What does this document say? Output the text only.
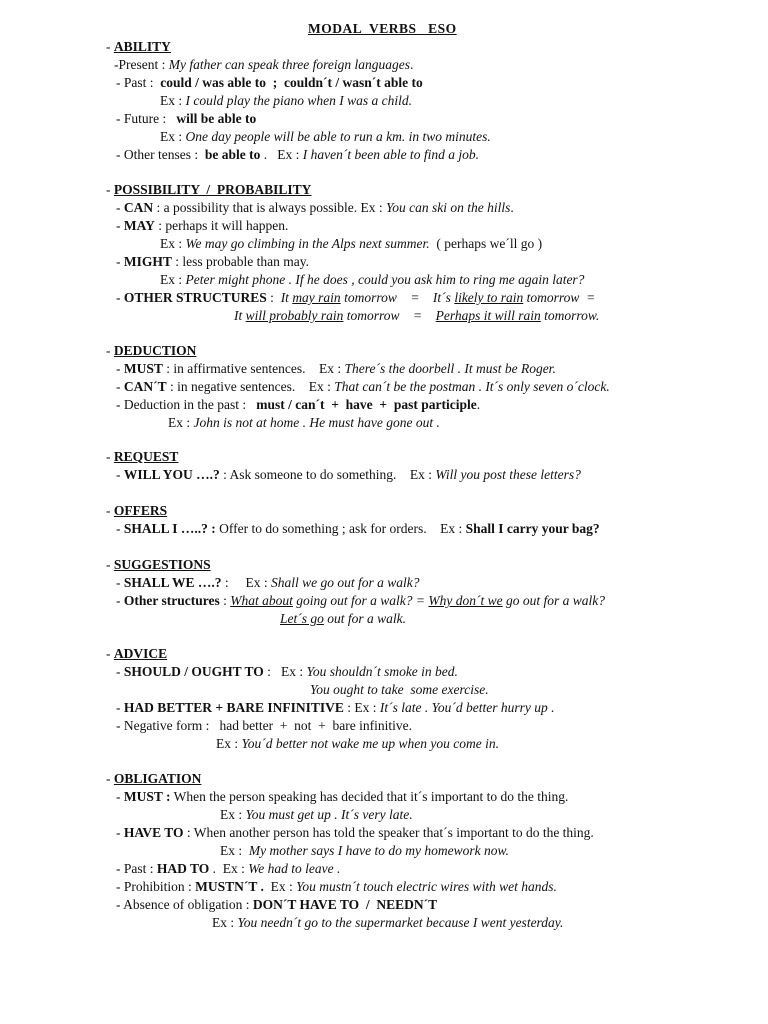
MODAL  VERBS   ESO
- ABILITY
-Present : My father can speak three foreign languages.
- Past :  could / was able to  ;  couldn´t / wasn´t able to
Ex : I could play the piano when I was a child.
- Future :   will be able to
Ex : One day people will be able to run a km. in two minutes.
- Other tenses :  be able to .   Ex : I haven´t been able to find a job.
- POSSIBILITY  /  PROBABILITY
- CAN : a possibility that is always possible. Ex : You can ski on the hills.
- MAY : perhaps it will happen.
Ex : We may go climbing in the Alps next summer.  ( perhaps we´ll go )
- MIGHT : less probable than may.
Ex : Peter might phone . If he does , could you ask him to ring me again later?
- OTHER STRUCTURES :  It may rain tomorrow    =    It´s likely to rain tomorrow  =
It will probably rain tomorrow    =    Perhaps it will rain tomorrow.
- DEDUCTION
- MUST : in affirmative sentences.    Ex : There´s the doorbell . It must be Roger.
- CAN´T : in negative sentences.    Ex : That can´t be the postman . It´s only seven o´clock.
- Deduction in the past :   must / can´t  +  have  +  past participle.
Ex : John is not at home . He must have gone out .
- REQUEST
- WILL YOU ….? : Ask someone to do something.    Ex : Will you post these letters?
- OFFERS
- SHALL I …..? : Offer to do something ; ask for orders.    Ex : Shall I carry your bag?
- SUGGESTIONS
- SHALL WE ….? :     Ex : Shall we go out for a walk?
- Other structures : What about going out for a walk? = Why don´t we go out for a walk?
Let´s go out for a walk.
- ADVICE
- SHOULD / OUGHT TO :   Ex : You shouldn´t smoke in bed.
You ought to take  some exercise.
- HAD BETTER + BARE INFINITIVE : Ex : It´s late . You´d better hurry up .
- Negative form :   had better  +  not  +  bare infinitive.
Ex : You´d better not wake me up when you come in.
- OBLIGATION
- MUST : When the person speaking has decided that it´s important to do the thing.
Ex : You must get up . It´s very late.
- HAVE TO : When another person has told the speaker that´s important to do the thing.
Ex :  My mother says I have to do my homework now.
- Past : HAD TO .  Ex : We had to leave .
- Prohibition : MUSTN´T .  Ex : You mustn´t touch electric wires with wet hands.
- Absence of obligation : DON´T HAVE TO  /  NEEDN´T
Ex : You needn´t go to the supermarket because I went yesterday.
